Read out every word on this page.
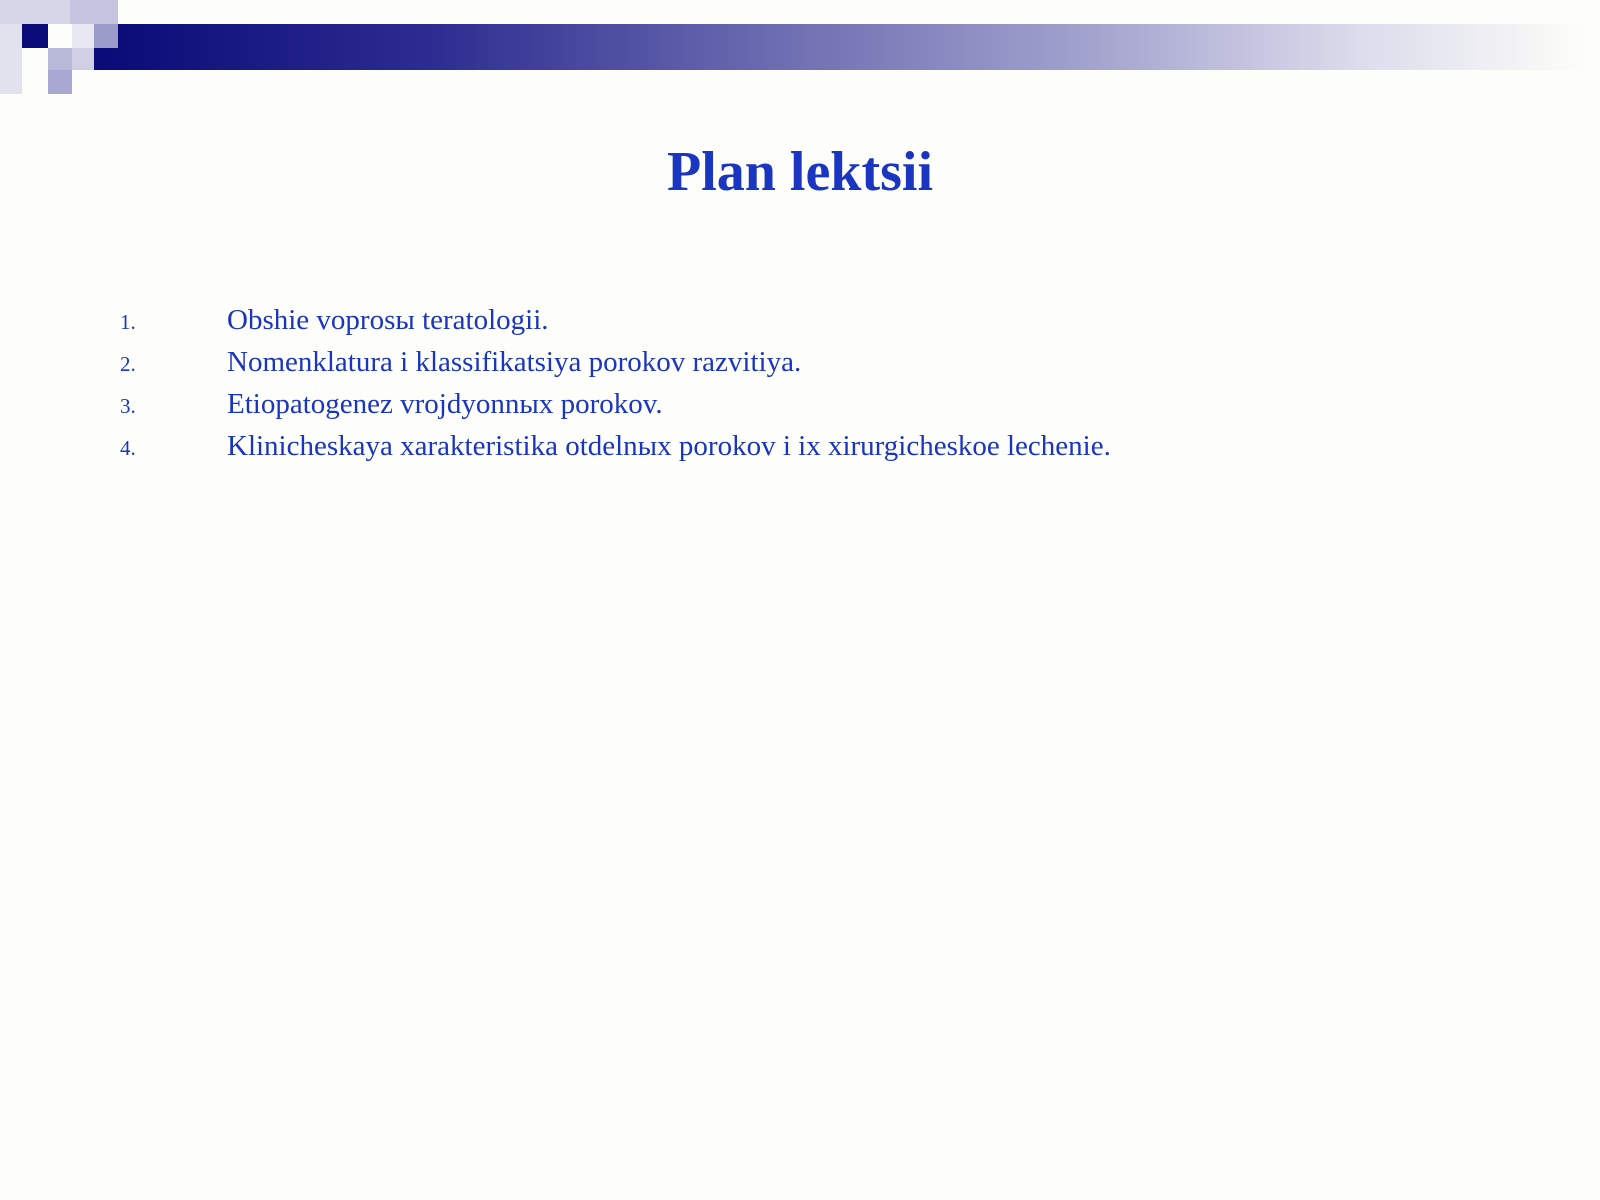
Plan lektsii
1.	Obshie voprosы teratologii.
2.	Nomenklatura i klassifikatsiya porokov razvitiya.
3.	Etiopatogenez vrojdyonnых porokov.
4.	Klinicheskaya xarakteristika otdelnых porokov i ix xirurgicheskoe lechenie.
